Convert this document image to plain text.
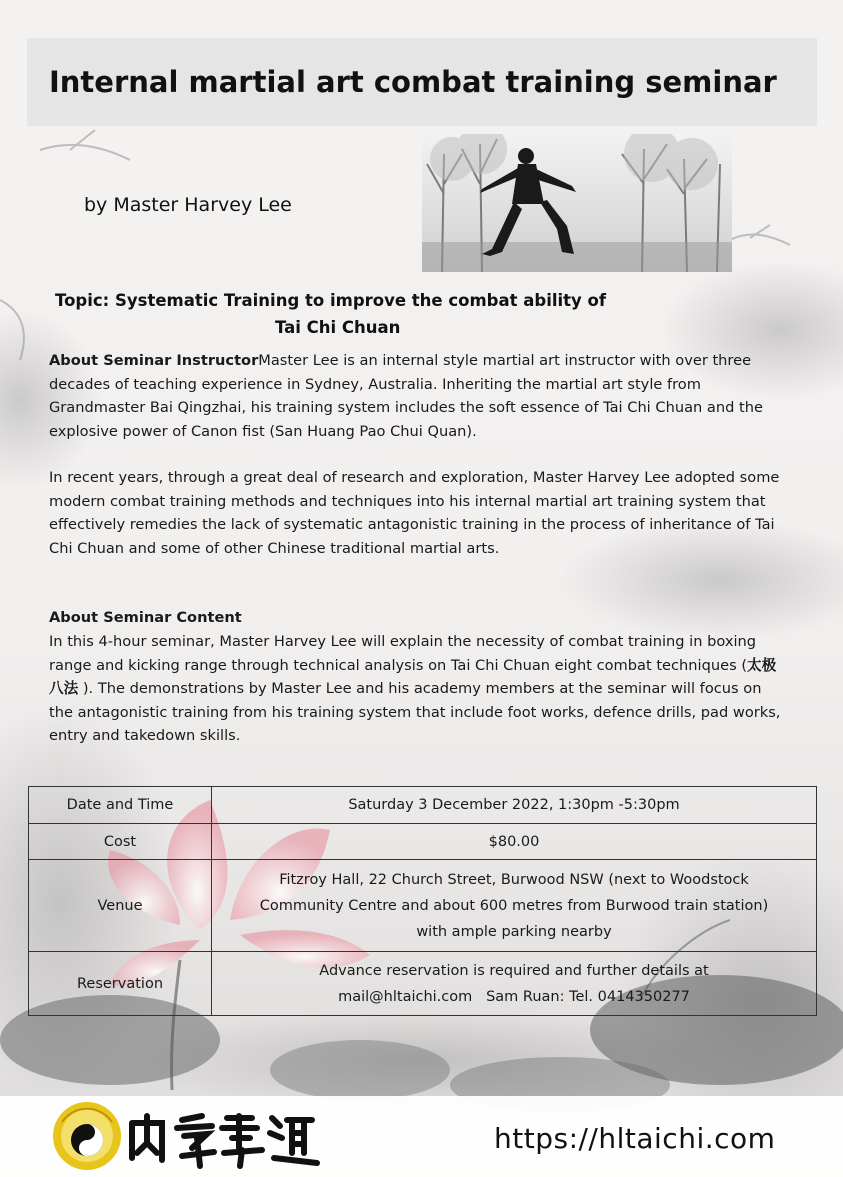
Internal martial art combat training seminar
by Master Harvey Lee
Topic: Systematic Training to improve the combat ability of
Tai Chi Chuan
About Seminar InstructorMaster Lee is an internal style martial art instructor with over three decades of teaching experience in Sydney, Australia. Inheriting the martial art style from Grandmaster Bai Qingzhai, his training system includes the soft essence of Tai Chi Chuan and the explosive power of Canon fist (San Huang Pao Chui Quan).
In recent years, through a great deal of research and exploration, Master Harvey Lee adopted some modern combat training methods and techniques into his internal martial art training system that effectively remedies the lack of systematic antagonistic training in the process of inheritance of Tai Chi Chuan and some of other Chinese traditional martial arts.
About Seminar Content
In this 4-hour seminar, Master Harvey Lee will explain the necessity of combat training in boxing range and kicking range through technical analysis on Tai Chi Chuan eight combat techniques (太极八法 ). The demonstrations by Master Lee and his academy members at the seminar will focus on the antagonistic training from his training system that include foot works, defence drills, pad works, entry and takedown skills.
Date and Time	Saturday 3 December 2022, 1:30pm -5:30pm
Cost	$80.00
Venue	Fitzroy Hall, 22 Church Street, Burwood NSW (next to Woodstock
Community Centre and about 600 metres from Burwood train station)
with ample parking nearby

Reservation	Advance reservation is required and further details at
mail@hltaichi.com Sam Ruan: Tel. 0414350277
https://hltaichi.com
